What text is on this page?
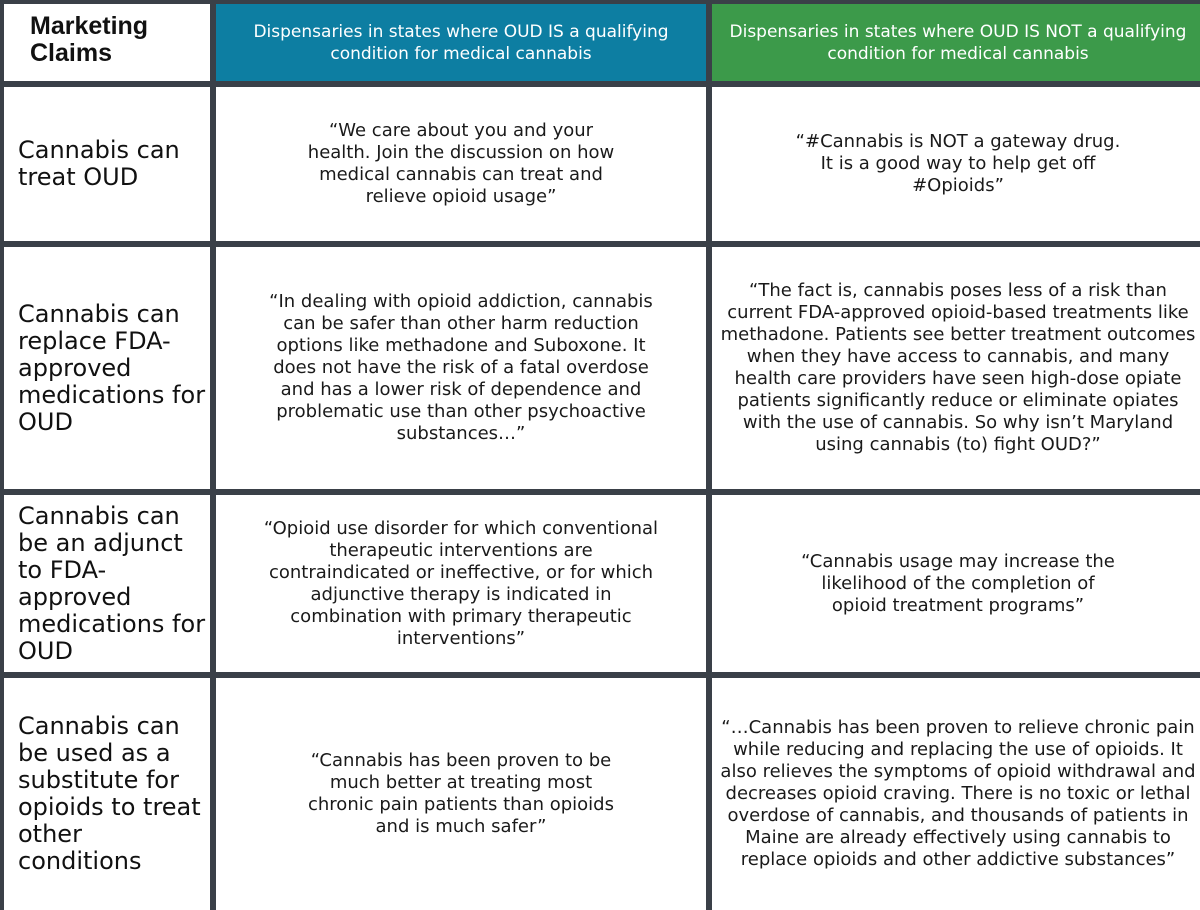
Marketing
Claims
Dispensaries in states where OUD IS a qualifying condition for medical cannabis
Dispensaries in states where OUD IS NOT a qualifying condition for medical cannabis
Cannabis can treat OUD
“We care about you and your health. Join the discussion on how medical cannabis can treat and relieve opioid usage”
“#Cannabis is NOT a gateway drug. It is a good way to help get off #Opioids”
Cannabis can replace FDA-approved medications for OUD
“In dealing with opioid addiction, cannabis can be safer than other harm reduction options like methadone and Suboxone. It does not have the risk of a fatal overdose and has a lower risk of dependence and problematic use than other psychoactive substances…”
“The fact is, cannabis poses less of a risk than current FDA-approved opioid-based treatments like methadone. Patients see better treatment outcomes when they have access to cannabis, and many health care providers have seen high-dose opiate patients significantly reduce or eliminate opiates with the use of cannabis. So why isn’t Maryland using cannabis (to) fight OUD?”
Cannabis can be an adjunct to FDA-approved medications for OUD
“Opioid use disorder for which conventional therapeutic interventions are contraindicated or ineffective, or for which adjunctive therapy is indicated in combination with primary therapeutic interventions”
“Cannabis usage may increase the likelihood of the completion of opioid treatment programs”
Cannabis can be used as a substitute for opioids to treat other conditions
“Cannabis has been proven to be much better at treating most chronic pain patients than opioids and is much safer”
“…Cannabis has been proven to relieve chronic pain while reducing and replacing the use of opioids. It also relieves the symptoms of opioid withdrawal and decreases opioid craving. There is no toxic or lethal overdose of cannabis, and thousands of patients in Maine are already effectively using cannabis to replace opioids and other addictive substances”
